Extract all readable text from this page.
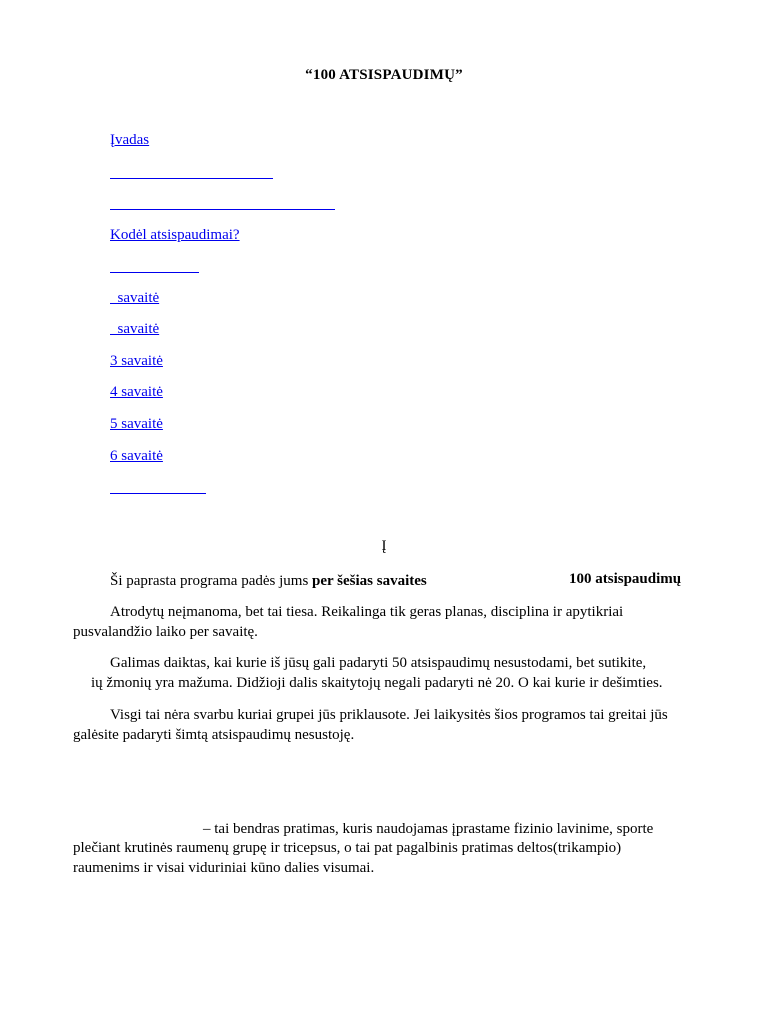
“100 ATSISPAUDIMŲ”
Įvadas
Kodėl atsispaudimai?
savaitė
savaitė
3 savaitė
4 savaitė
5 savaitė
6 savaitė
Į

Ši paprasta programa padės jums per šešias savaites	100 atsispaudimų

Atrodytų neįmanoma, bet tai tiesa. Reikalinga tik geras planas, disciplina ir apytikriai pusvalandžio laiko per savaitę.

Galimas daiktas, kai kurie iš jūsų gali padaryti 50 atsispaudimų nesustodami, bet sutikite,

ių žmonių yra mažuma. Didžioji dalis skaitytojų negali padaryti nė 20. O kai kurie ir dešimties.

Visgi tai nėra svarbu kuriai grupei jūs priklausote. Jei laikysitės šios programos tai greitai jūs galėsite padaryti šimtą atsispaudimų nesustoję.

– tai bendras pratimas, kuris naudojamas įprastame fizinio lavinime, sporte

plečiant krutinės raumenų grupę ir tricepsus, o tai pat pagalbinis pratimas deltos(trikampio)

raumenims ir visai viduriniai kūno dalies visumai.
